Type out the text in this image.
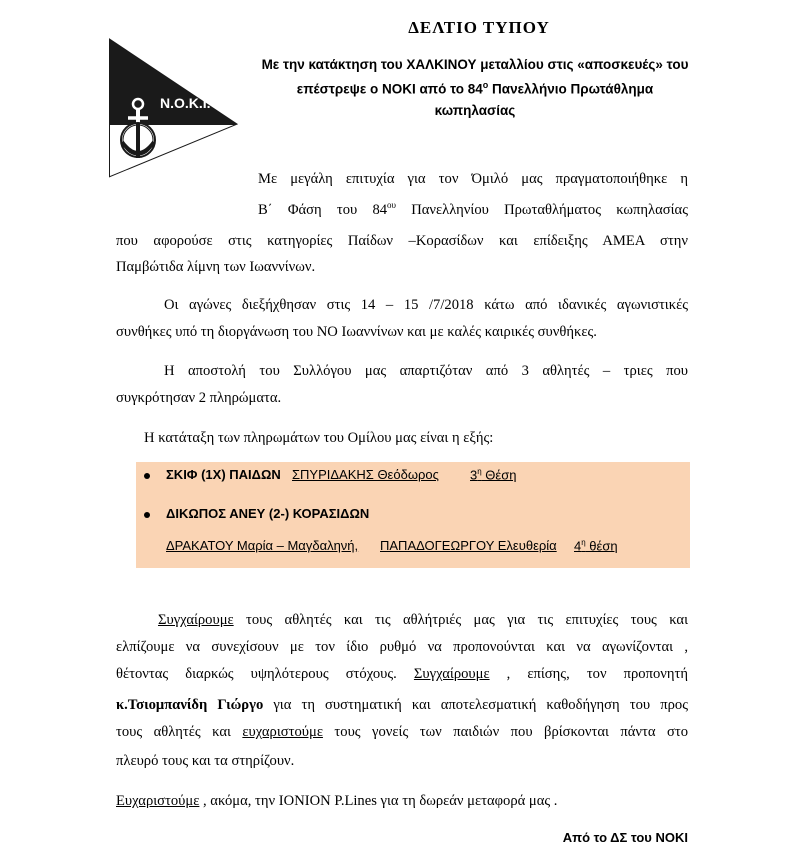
ΔΕΛΤΙΟ ΤΥΠΟΥ
N.O.K.I.
Με την κατάκτηση του ΧΑΛΚΙΝΟΥ μεταλλίου στις «αποσκευές» του
επέστρεψε ο ΝΟΚΙ από το $84^o$ Πανελλήνιο Πρωτάθλημα
κωπηλασίας
Με μεγάλη επιτυχία για τον Όμιλό μας πραγματοποιήθηκε η
Β΄ Φάση του $84^{o\upsilon}$ Πανελληνίου Πρωταθλήματος κωπηλασίας
που αφορούσε στις κατηγορίες Παίδων –Κορασίδων και επίδειξης ΑΜΕΑ στην
Παμβώτιδα λίμνη των Ιωαννίνων.
Οι αγώνες διεξήχθησαν στις 14 – 15 /7/2018 κάτω από ιδανικές αγωνιστικές
συνθήκες υπό τη διοργάνωση του ΝΟ Ιωαννίνων και με καλές καιρικές συνθήκες.
Η αποστολή του Συλλόγου μας απαρτιζόταν από 3 αθλητές – τριες που
συγκρότησαν 2 πληρώματα.
Η κατάταξη των πληρωμάτων του Ομίλου μας είναι η εξής:
ΣΚΙΦ (1Χ) ΠΑΙΔΩΝ ΣΠΥΡΙΔΑΚΗΣ Θεόδωρος $3^\eta$ Θέση
ΔΙΚΩΠΟΣ ΑΝΕΥ (2-) ΚΟΡΑΣΙΔΩΝ
ΔΡΑΚΑΤΟΥ Μαρία – Μαγδαληνή, ΠΑΠΑΔΟΓΕΩΡΓΟΥ Ελευθερία $4^\eta$ θέση
Συγχαίρουμε τους αθλητές και τις αθλήτριές μας για τις επιτυχίες τους και
ελπίζουμε να συνεχίσουν με τον ίδιο ρυθμό να προπονούνται και να αγωνίζονται ,
θέτοντας διαρκώς υψηλότερους στόχους. Συγχαίρουμε , επίσης, τον προπονητή
κ.Τσιομπανίδη Γιώργο για τη συστηματική και αποτελεσματική καθοδήγηση του προς
τους αθλητές και ευχαριστούμε τους γονείς των παιδιών που βρίσκονται πάντα στο
πλευρό τους και τα στηρίζουν.
Ευχαριστούμε , ακόμα, την IONION P.Lines για τη δωρεάν μεταφορά μας .
Από το ΔΣ του ΝΟΚΙ
